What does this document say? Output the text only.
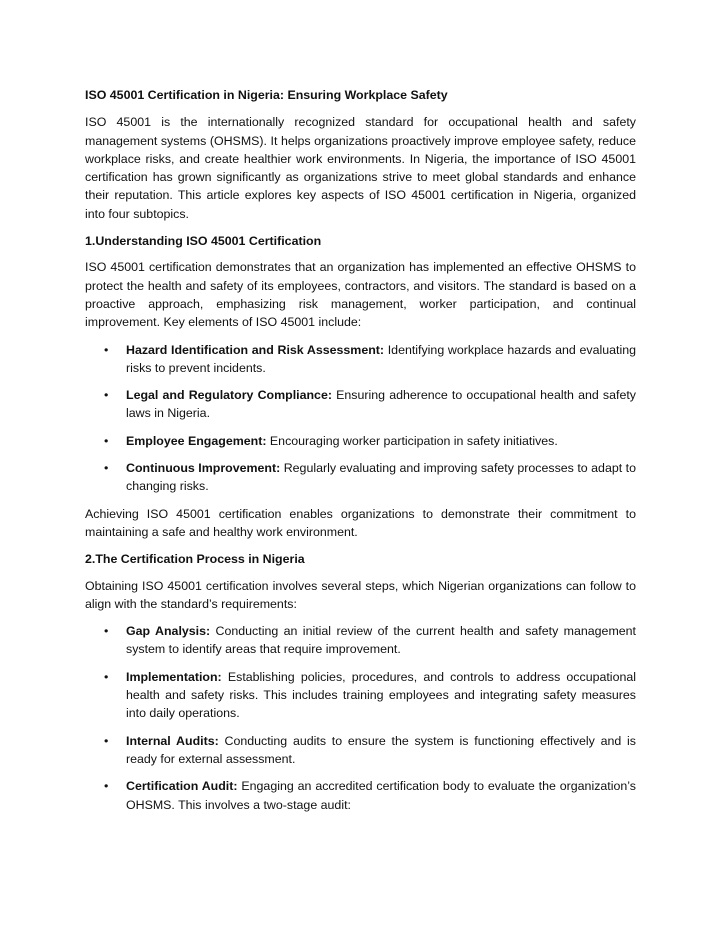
ISO 45001 Certification in Nigeria: Ensuring Workplace Safety

ISO 45001 is the internationally recognized standard for occupational health and safety management systems (OHSMS). It helps organizations proactively improve employee safety, reduce workplace risks, and create healthier work environments. In Nigeria, the importance of ISO 45001 certification has grown significantly as organizations strive to meet global standards and enhance their reputation. This article explores key aspects of ISO 45001 certification in Nigeria, organized into four subtopics.

1.Understanding ISO 45001 Certification

ISO 45001 certification demonstrates that an organization has implemented an effective OHSMS to protect the health and safety of its employees, contractors, and visitors. The standard is based on a proactive approach, emphasizing risk management, worker participation, and continual improvement. Key elements of ISO 45001 include:

• Hazard Identification and Risk Assessment: Identifying workplace hazards and evaluating risks to prevent incidents.
• Legal and Regulatory Compliance: Ensuring adherence to occupational health and safety laws in Nigeria.
• Employee Engagement: Encouraging worker participation in safety initiatives.
• Continuous Improvement: Regularly evaluating and improving safety processes to adapt to changing risks.

Achieving ISO 45001 certification enables organizations to demonstrate their commitment to maintaining a safe and healthy work environment.

2.The Certification Process in Nigeria

Obtaining ISO 45001 certification involves several steps, which Nigerian organizations can follow to align with the standard’s requirements:

• Gap Analysis: Conducting an initial review of the current health and safety management system to identify areas that require improvement.
• Implementation: Establishing policies, procedures, and controls to address occupational health and safety risks. This includes training employees and integrating safety measures into daily operations.
• Internal Audits: Conducting audits to ensure the system is functioning effectively and is ready for external assessment.
• Certification Audit: Engaging an accredited certification body to evaluate the organization’s OHSMS. This involves a two-stage audit:
